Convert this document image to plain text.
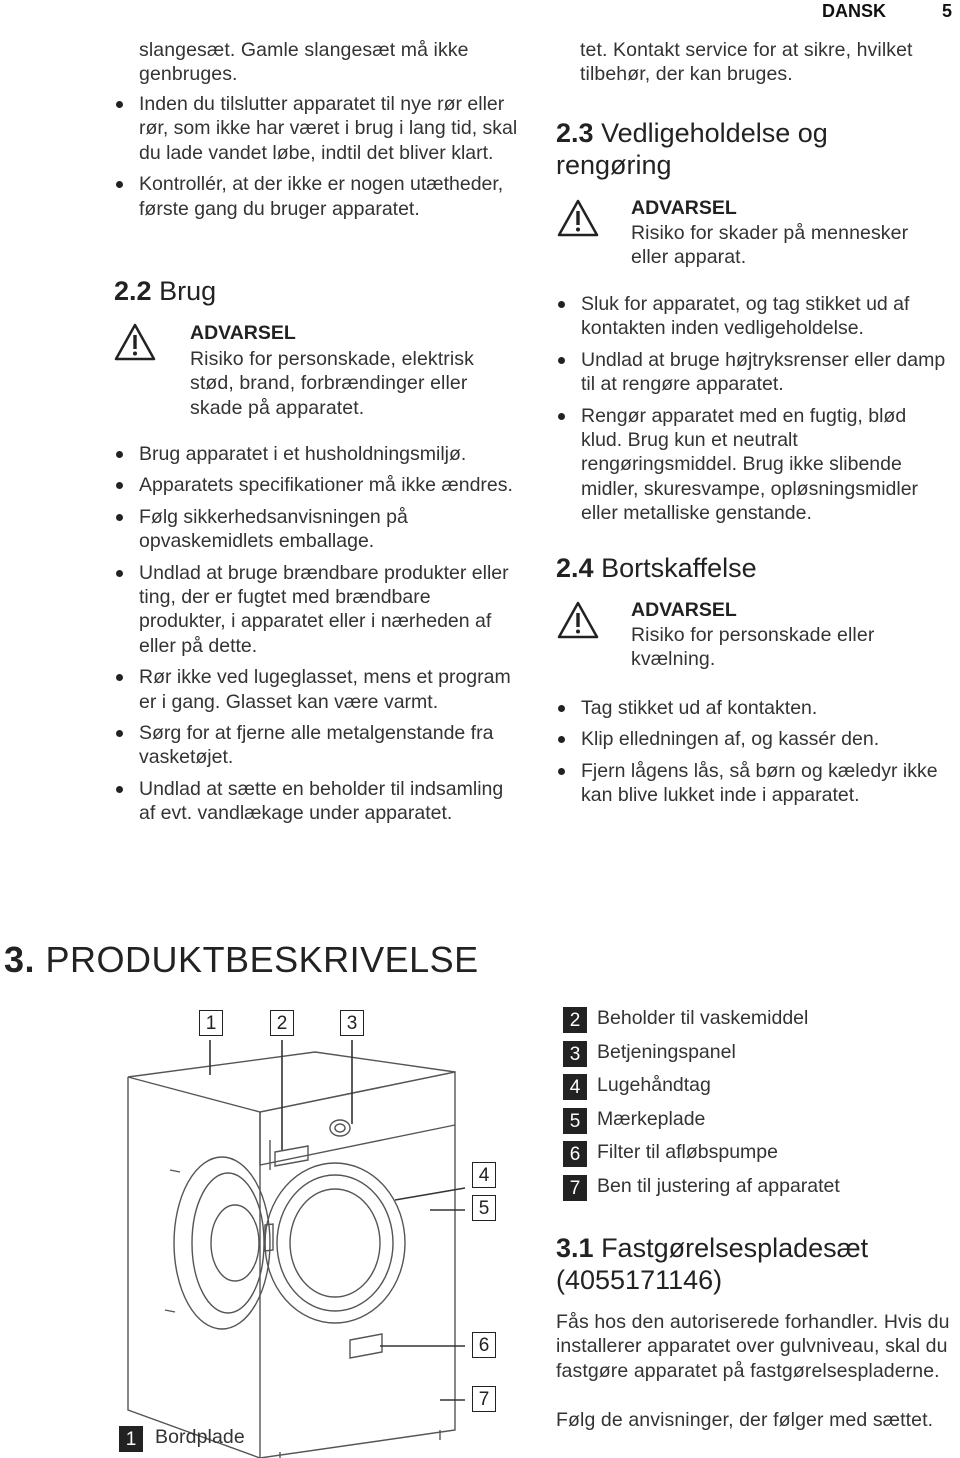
DANSK	5
slangesæt. Gamle slangesæt må ikke genbruges.
Inden du tilslutter apparatet til nye rør eller rør, som ikke har været i brug i lang tid, skal du lade vandet løbe, indtil det bliver klart.
Kontrollér, at der ikke er nogen utætheder, første gang du bruger apparatet.
2.2 Brug
ADVARSEL
Risiko for personskade, elektrisk stød, brand, forbrændinger eller skade på apparatet.
Brug apparatet i et husholdningsmiljø.
Apparatets specifikationer må ikke ændres.
Følg sikkerhedsanvisningen på opvaskemidlets emballage.
Undlad at bruge brændbare produkter eller ting, der er fugtet med brændbare produkter, i apparatet eller i nærheden af eller på dette.
Rør ikke ved lugeglasset, mens et program er i gang. Glasset kan være varmt.
Sørg for at fjerne alle metalgenstande fra vasketøjet.
Undlad at sætte en beholder til indsamling af evt. vandlækage under apparatet.
tet. Kontakt service for at sikre, hvilket tilbehør, der kan bruges.
2.3 Vedligeholdelse og rengøring
ADVARSEL
Risiko for skader på mennesker eller apparat.
Sluk for apparatet, og tag stikket ud af kontakten inden vedligeholdelse.
Undlad at bruge højtryksrenser eller damp til at rengøre apparatet.
Rengør apparatet med en fugtig, blød klud. Brug kun et neutralt rengøringsmiddel. Brug ikke slibende midler, skuresvampe, opløsningsmidler eller metalliske genstande.
2.4 Bortskaffelse
ADVARSEL
Risiko for personskade eller kvælning.
Tag stikket ud af kontakten.
Klip elledningen af, og kassér den.
Fjern lågens lås, så børn og kæledyr ikke kan blive lukket inde i apparatet.
3. PRODUKTBESKRIVELSE
1	2	3
4
5
6
7
1 Bordplade
2 Beholder til vaskemiddel
3 Betjeningspanel
4 Lugehåndtag
5 Mærkeplade
6 Filter til afløbspumpe
7 Ben til justering af apparatet
3.1 Fastgørelsespladesæt (4055171146)
Fås hos den autoriserede forhandler. Hvis du installerer apparatet over gulvniveau, skal du fastgøre apparatet på fastgørelsespladerne.
Følg de anvisninger, der følger med sættet.
